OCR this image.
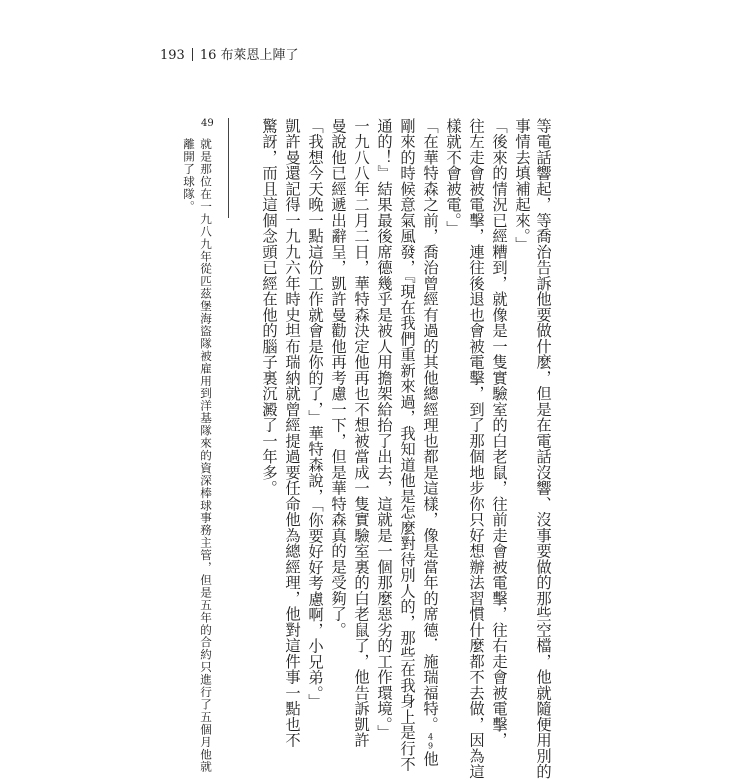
193 16 布萊恩上陣了
等電話響起，等喬治告訴他要做什麼，但是在電話沒響、沒事要做的那些空檔，他就隨便用別的
事情去填補起來。」
「後來的情況已經糟到，就像是一隻實驗室的白老鼠，往前走會被電擊，往右走會被電擊，
往左走會被電擊，連往後退也會被電擊，到了那個地步你只好想辦法習慣什麼都不去做，因為這
樣就不會被電。」
「在華特森之前，喬治曾經有過的其他總經理也都是這樣，像是當年的席德．施瑞福特。49他
剛來的時候意氣風發，『現在我們重新來過，我知道他是怎麼對待別人的，那些在我身上是行不
通的！』結果最後席德幾乎是被人用擔架給抬了出去，這就是一個那麼惡劣的工作環境。」
一九八八年二月二日，華特森決定他再也不想被當成一隻實驗室裏的白老鼠了，他告訴凱許
曼說他已經遞出辭呈，凱許曼勸他再考慮一下，但是華特森真的是受夠了。
「我想今天晚一點這份工作就會是你的了，」華特森說，「你要好好考慮啊，小兄弟。」
凱許曼還記得一九九六年時史坦布瑞納就曾經提過要任命他為總經理，他對這件事一點也不
驚訝，而且這個念頭已經在他的腦子裏沉澱了一年多。
49
就是那位在一九八九年從匹茲堡海盜隊被雇用到洋基隊來的資深棒球事務主管，但是五年的合約只進行了五個月他就
離開了球隊。
